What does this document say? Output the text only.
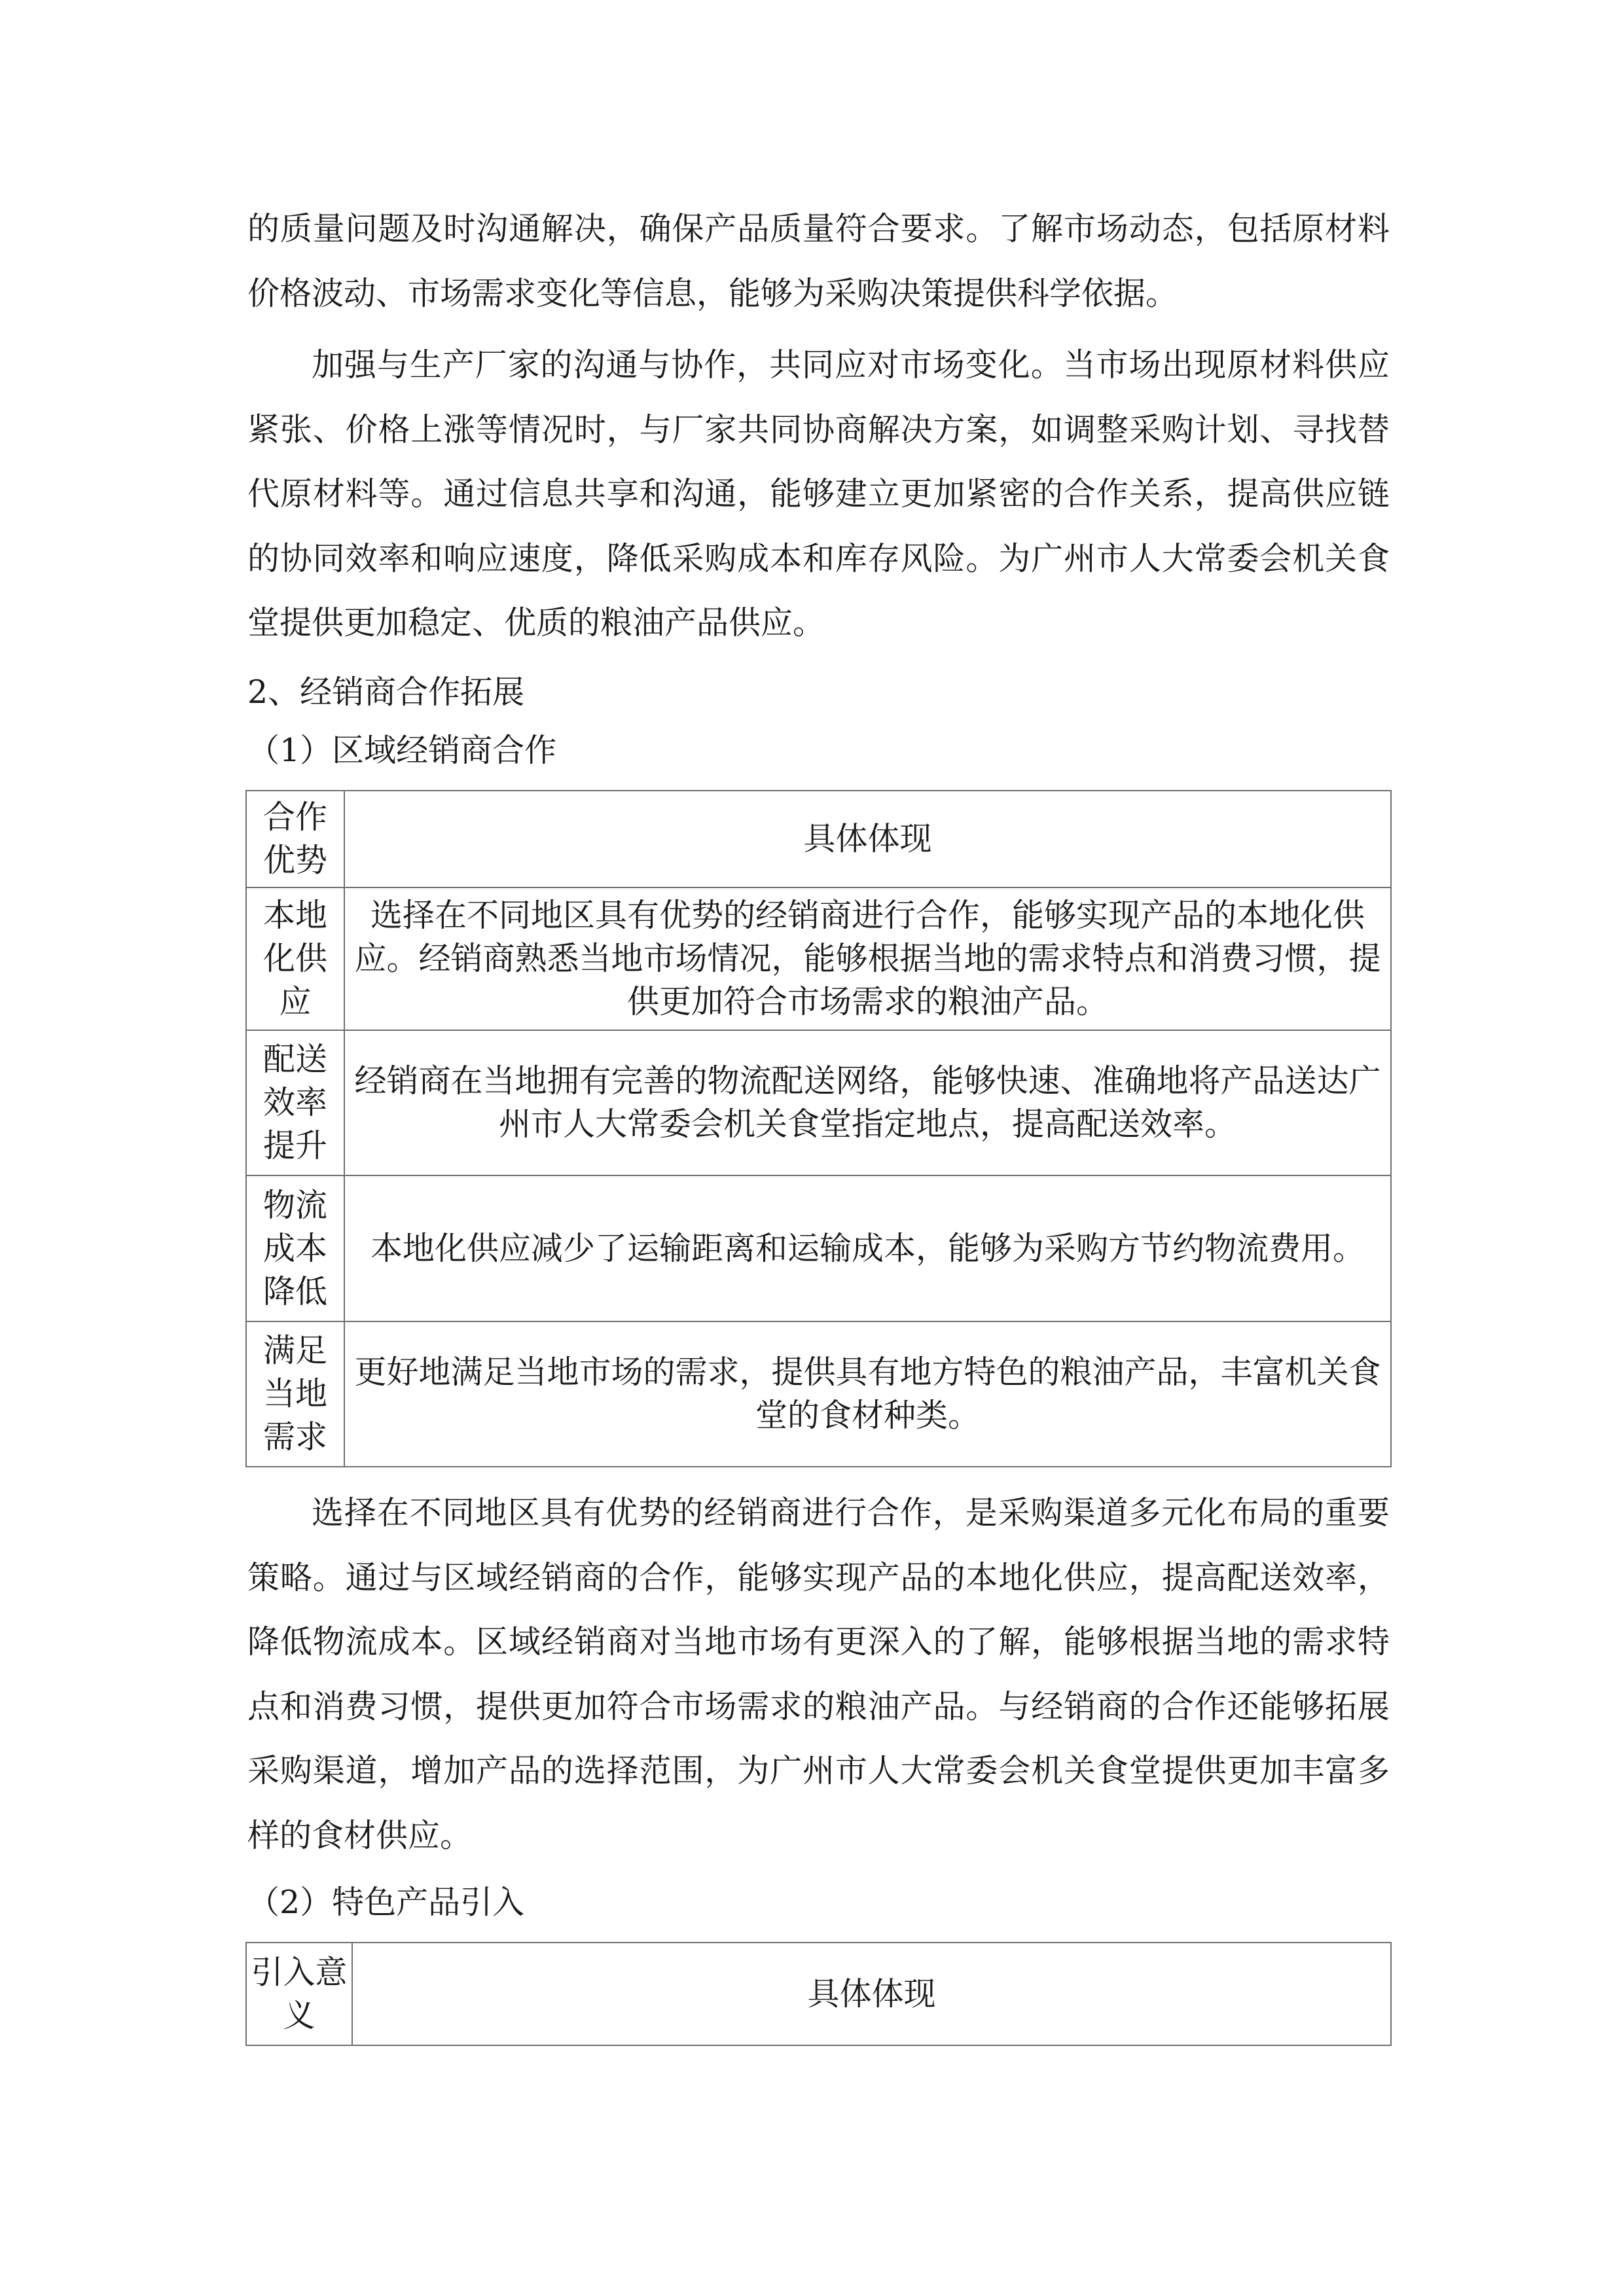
的质量问题及时沟通解决，确保产品质量符合要求。了解市场动态，包括原材料价格波动、市场需求变化等信息，能够为采购决策提供科学依据。

加强与生产厂家的沟通与协作，共同应对市场变化。当市场出现原材料供应紧张、价格上涨等情况时，与厂家共同协商解决方案，如调整采购计划、寻找替代原材料等。通过信息共享和沟通，能够建立更加紧密的合作关系，提高供应链的协同效率和响应速度，降低采购成本和库存风险。为广州市人大常委会机关食堂提供更加稳定、优质的粮油产品供应。

2、经销商合作拓展

（1）区域经销商合作

合作优势	具体体现
本地化供应	选择在不同地区具有优势的经销商进行合作，能够实现产品的本地化供应。经销商熟悉当地市场情况，能够根据当地的需求特点和消费习惯，提供更加符合市场需求的粮油产品。
配送效率提升	经销商在当地拥有完善的物流配送网络，能够快速、准确地将产品送达广州市人大常委会机关食堂指定地点，提高配送效率。
物流成本降低	本地化供应减少了运输距离和运输成本，能够为采购方节约物流费用。
满足当地需求	更好地满足当地市场的需求，提供具有地方特色的粮油产品，丰富机关食堂的食材种类。

选择在不同地区具有优势的经销商进行合作，是采购渠道多元化布局的重要策略。通过与区域经销商的合作，能够实现产品的本地化供应，提高配送效率，降低物流成本。区域经销商对当地市场有更深入的了解，能够根据当地的需求特点和消费习惯，提供更加符合市场需求的粮油产品。与经销商的合作还能够拓展采购渠道，增加产品的选择范围，为广州市人大常委会机关食堂提供更加丰富多样的食材供应。

（2）特色产品引入

引入意义	具体体现
